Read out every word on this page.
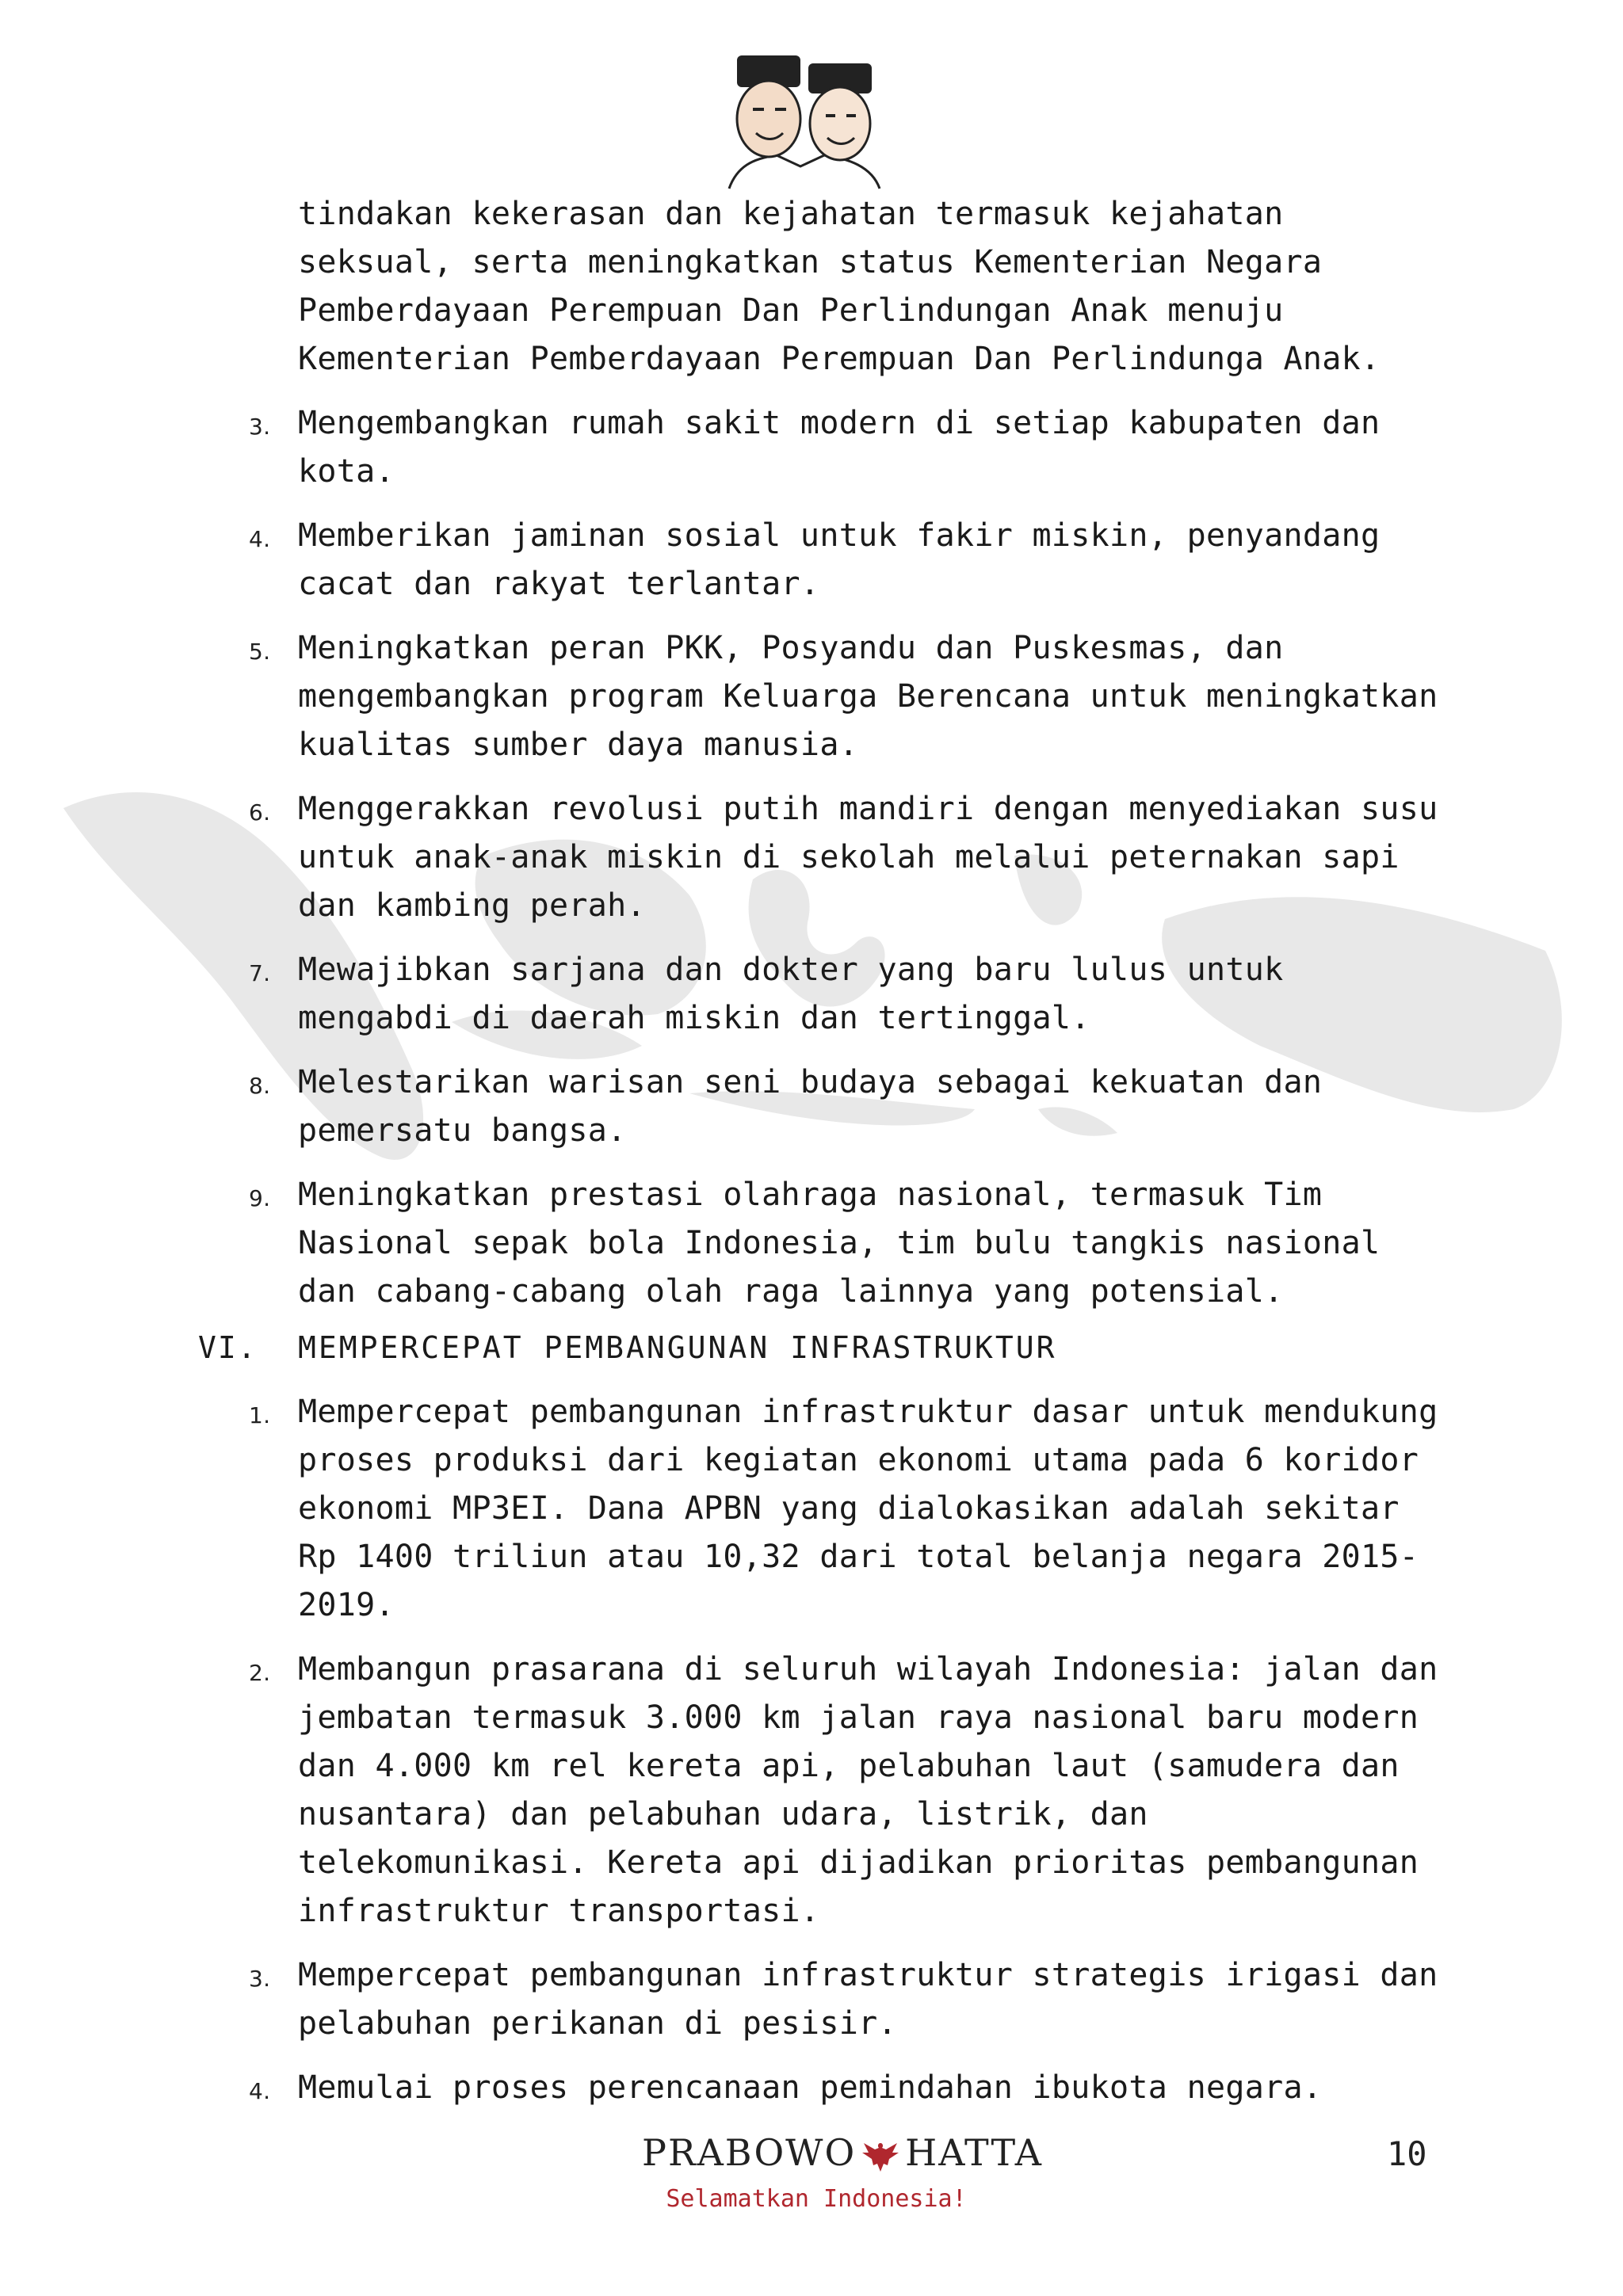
tindakan kekerasan dan kejahatan termasuk kejahatan seksual, serta meningkatkan status Kementerian Negara Pemberdayaan Perempuan Dan Perlindungan Anak menuju Kementerian Pemberdayaan Perempuan Dan Perlindunga Anak.
3. Mengembangkan rumah sakit modern di setiap kabupaten dan kota.
4. Memberikan jaminan sosial untuk fakir miskin, penyandang cacat dan rakyat terlantar.
5. Meningkatkan peran PKK, Posyandu dan Puskesmas, dan mengembangkan program Keluarga Berencana untuk meningkatkan kualitas sumber daya manusia.
6. Menggerakkan revolusi putih mandiri dengan menyediakan susu untuk anak-anak miskin di sekolah melalui peternakan sapi dan kambing perah.
7. Mewajibkan sarjana dan dokter yang baru lulus untuk mengabdi di daerah miskin dan tertinggal.
8. Melestarikan warisan seni budaya sebagai kekuatan dan pemersatu bangsa.
9. Meningkatkan prestasi olahraga nasional, termasuk Tim Nasional sepak bola Indonesia, tim bulu tangkis nasional dan cabang-cabang olah raga lainnya yang potensial.
VI. MEMPERCEPAT PEMBANGUNAN INFRASTRUKTUR
1. Mempercepat pembangunan infrastruktur dasar untuk mendukung proses produksi dari kegiatan ekonomi utama pada 6 koridor ekonomi MP3EI. Dana APBN yang dialokasikan adalah sekitar Rp 1400 triliun atau 10,32 dari total belanja negara 2015-2019.
2. Membangun prasarana di seluruh wilayah Indonesia: jalan dan jembatan termasuk 3.000 km jalan raya nasional baru modern dan 4.000 km rel kereta api, pelabuhan laut (samudera dan nusantara) dan pelabuhan udara, listrik, dan telekomunikasi. Kereta api dijadikan prioritas pembangunan infrastruktur transportasi.
3. Mempercepat pembangunan infrastruktur strategis irigasi dan pelabuhan perikanan di pesisir.
4. Memulai proses perencanaan pemindahan ibukota negara.
PRABOWO HATTA
Selamatkan Indonesia!
10
